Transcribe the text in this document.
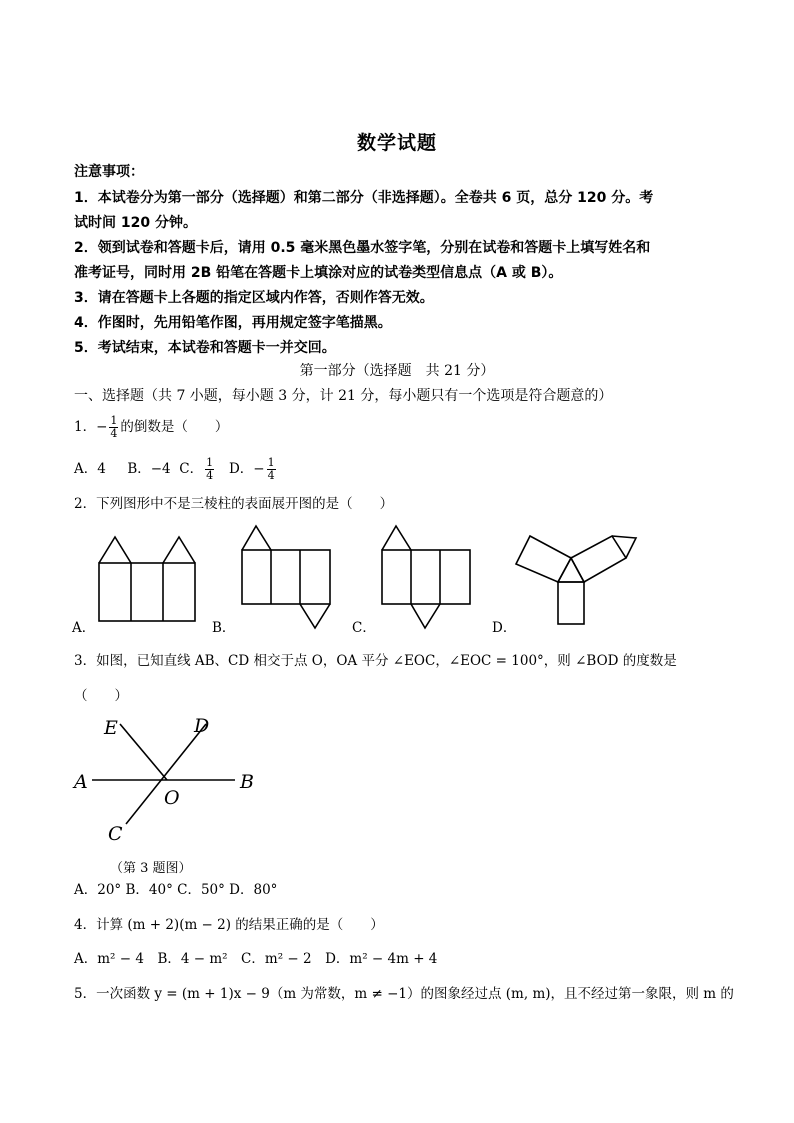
数学试题
注意事项：
1．本试卷分为第一部分（选择题）和第二部分（非选择题）。全卷共 6 页，总分 120 分。考
试时间 120 分钟。
2．领到试卷和答题卡后，请用 0.5 毫米黑色墨水签字笔，分别在试卷和答题卡上填写姓名和
准考证号，同时用 2B 铅笔在答题卡上填涂对应的试卷类型信息点（A 或 B）。
3．请在答题卡上各题的指定区域内作答，否则作答无效。
4．作图时，先用铅笔作图，再用规定签字笔描黑。
5．考试结束，本试卷和答题卡一并交回。
第一部分（选择题　共 21 分）
一、选择题（共 7 小题，每小题 3 分，计 21 分，每小题只有一个选项是符合题意的）
1．− $\frac{1}{4}$ 的倒数是（　　）
A．4 B．−4 C． $\frac{1}{4}$ D．− $\frac{1}{4}$
2．下列图形中不是三棱柱的表面展开图的是（　　）
A．	B．	C．	D．
3．如图，已知直线 AB、CD 相交于点 O，OA 平分 ∠EOC，∠EOC = 100°，则 ∠BOD 的度数是
（　　）
E	D
A	B
O
C
（第 3 题图）
A．20° B．40° C．50° D．80°
4．计算 (m + 2)(m − 2) 的结果正确的是（　　）
A．m² − 4　B．4 − m²　C．m² − 2　D．m² − 4m + 4
5．一次函数 y = (m + 1)x − 9（m 为常数，m ≠ −1）的图象经过点 (m, m)，且不经过第一象限，则 m 的
